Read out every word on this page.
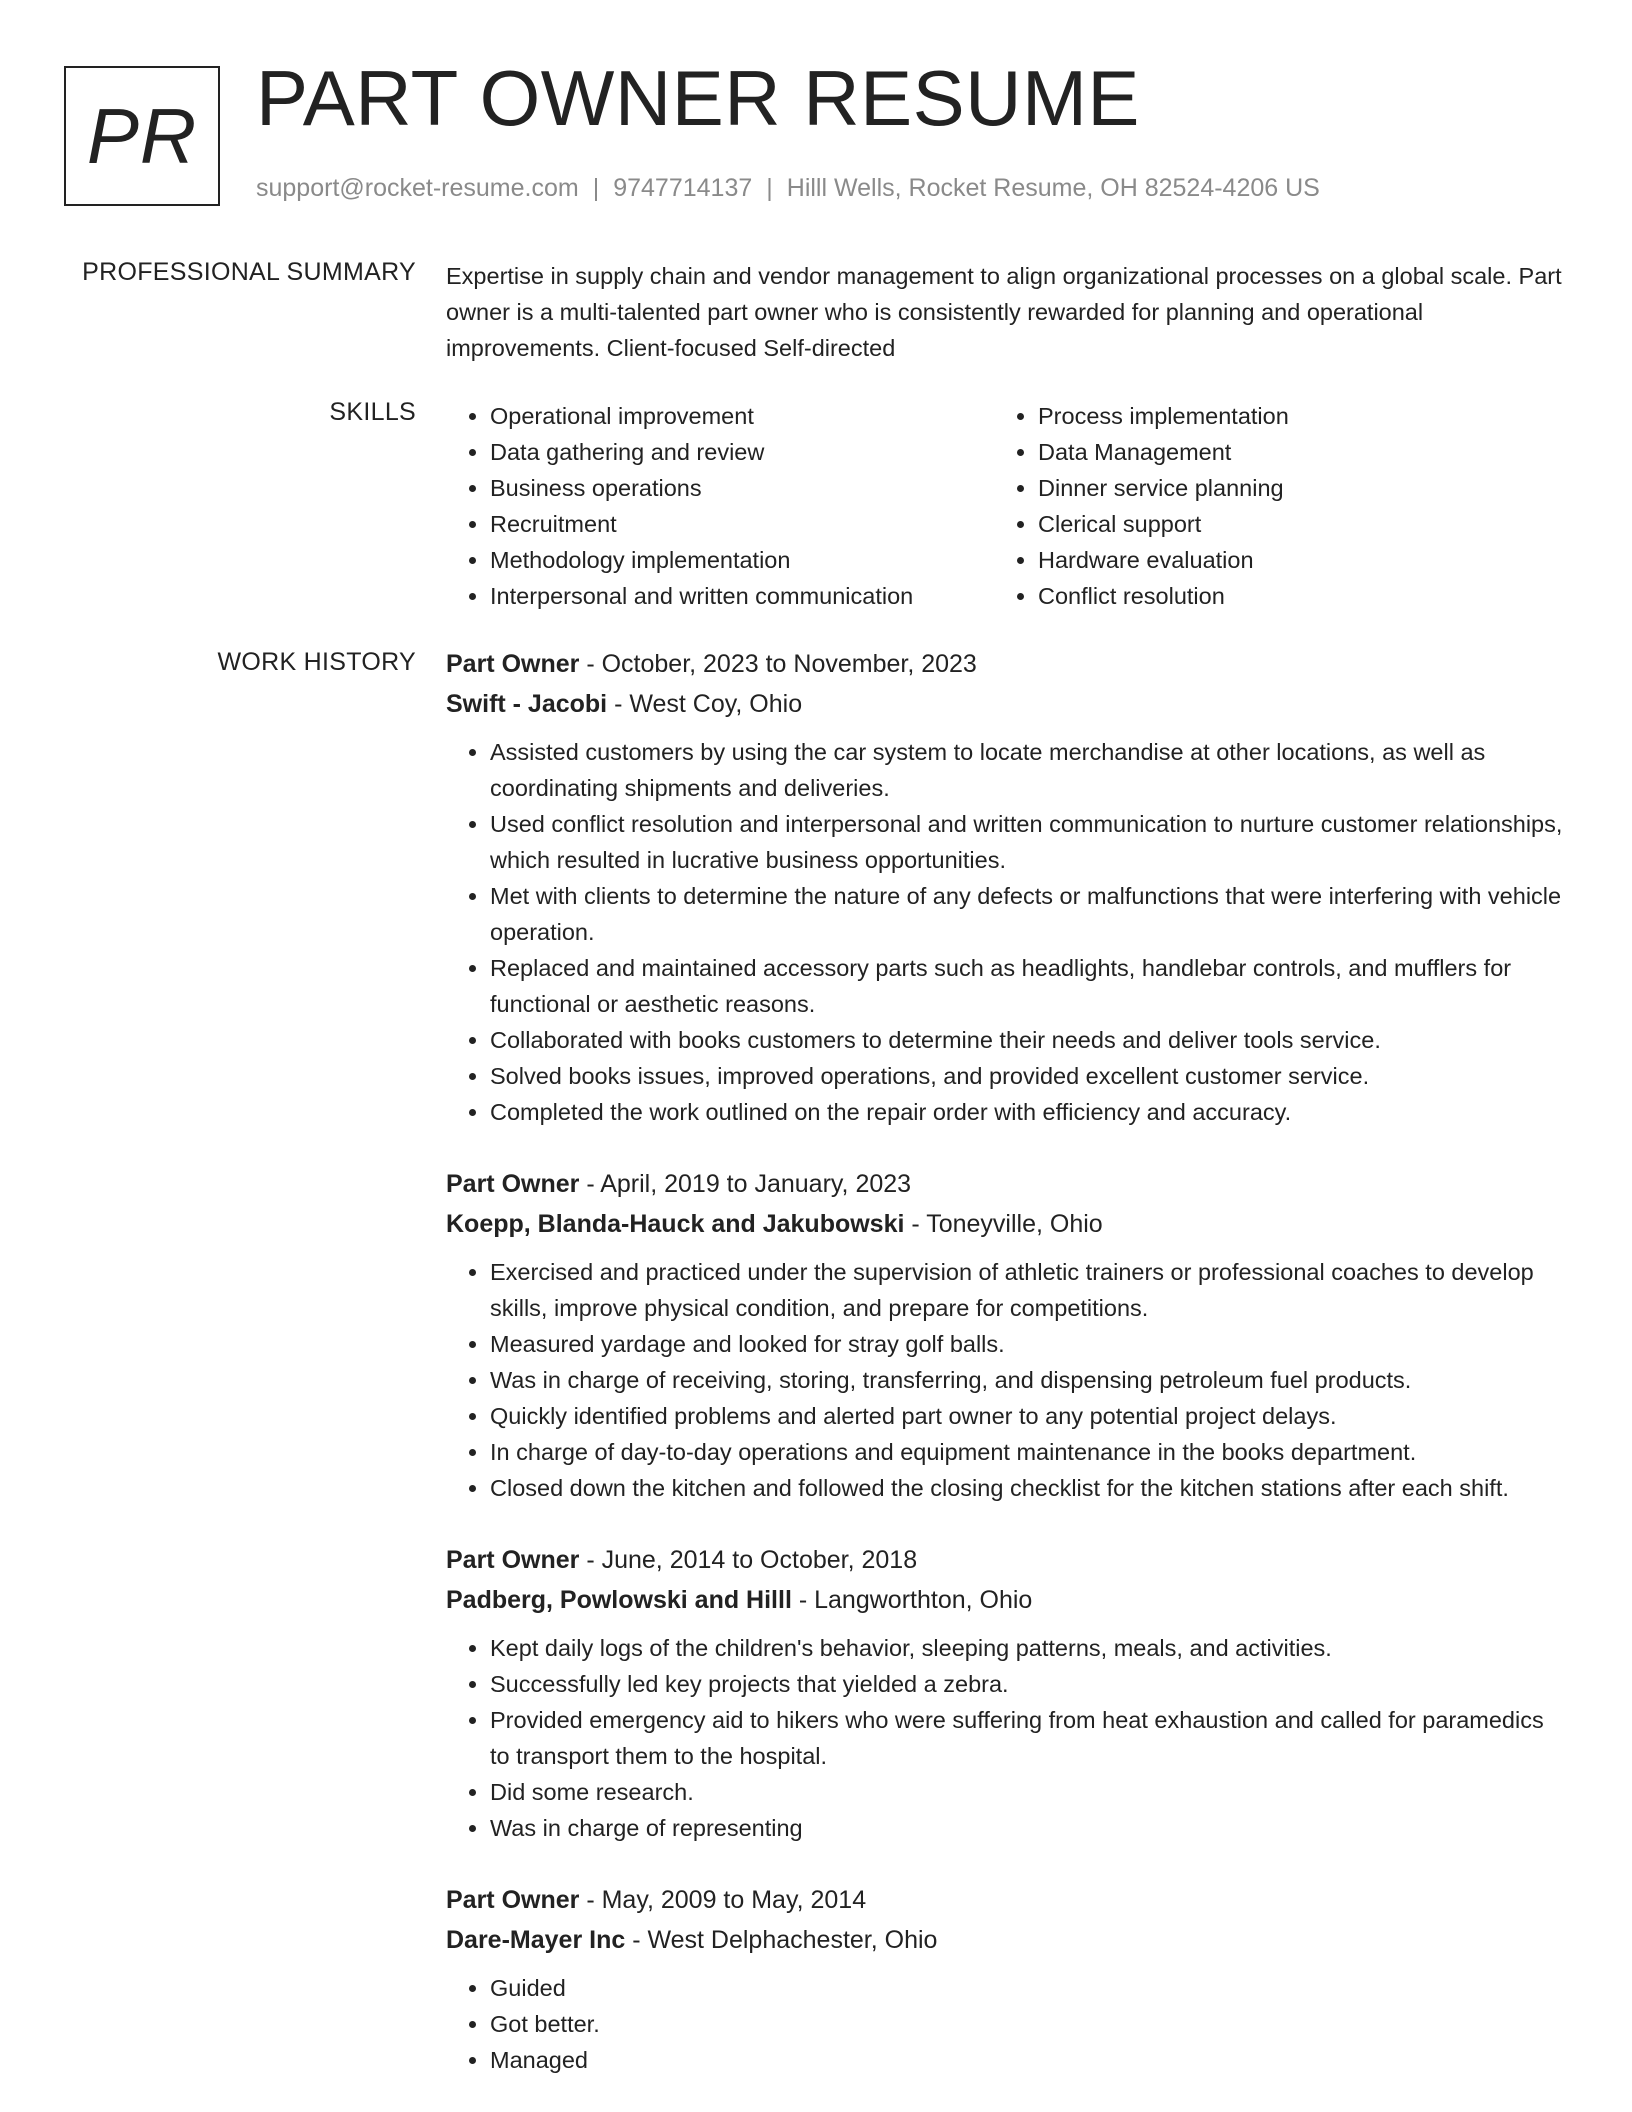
PR PART OWNER RESUME
support@rocket-resume.com | 9747714137 | Hilll Wells, Rocket Resume, OH 82524-4206 US
PROFESSIONAL SUMMARY Expertise in supply chain and vendor management to align organizational processes on a global scale. Part owner is a multi-talented part owner who is consistently rewarded for planning and operational improvements. Client-focused Self-directed
SKILLS
•	Operational improvement
• Data gathering and review
• Business operations
• Recruitment
• Methodology implementation
• Interpersonal and written communication
• Process implementation
• Data Management
• Dinner service planning
• Clerical support
• Hardware evaluation
• Conflict resolution
WORK HISTORY Part Owner - October, 2023 to November, 2023
Swift - Jacobi - West Coy, Ohio
• Assisted customers by using the car system to locate merchandise at other locations, as well as coordinating shipments and deliveries.
• Used conflict resolution and interpersonal and written communication to nurture customer relationships, which resulted in lucrative business opportunities.
• Met with clients to determine the nature of any defects or malfunctions that were interfering with vehicle operation.
• Replaced and maintained accessory parts such as headlights, handlebar controls, and mufflers for functional or aesthetic reasons.
• Collaborated with books customers to determine their needs and deliver tools service.
• Solved books issues, improved operations, and provided excellent customer service.
• Completed the work outlined on the repair order with efficiency and accuracy.
Part Owner - April, 2019 to January, 2023
Koepp, Blanda-Hauck and Jakubowski - Toneyville, Ohio
• Exercised and practiced under the supervision of athletic trainers or professional coaches to develop skills, improve physical condition, and prepare for competitions.
• Measured yardage and looked for stray golf balls.
• Was in charge of receiving, storing, transferring, and dispensing petroleum fuel products.
• Quickly identified problems and alerted part owner to any potential project delays.
• In charge of day-to-day operations and equipment maintenance in the books department.
• Closed down the kitchen and followed the closing checklist for the kitchen stations after each shift.
Part Owner - June, 2014 to October, 2018
Padberg, Powlowski and Hilll - Langworthton, Ohio
• Kept daily logs of the children's behavior, sleeping patterns, meals, and activities.
• Successfully led key projects that yielded a zebra.
• Provided emergency aid to hikers who were suffering from heat exhaustion and called for paramedics to transport them to the hospital.
• Did some research.
• Was in charge of representing
Part Owner - May, 2009 to May, 2014
Dare-Mayer Inc - West Delphachester, Ohio
• Guided
• Got better.
• Managed
